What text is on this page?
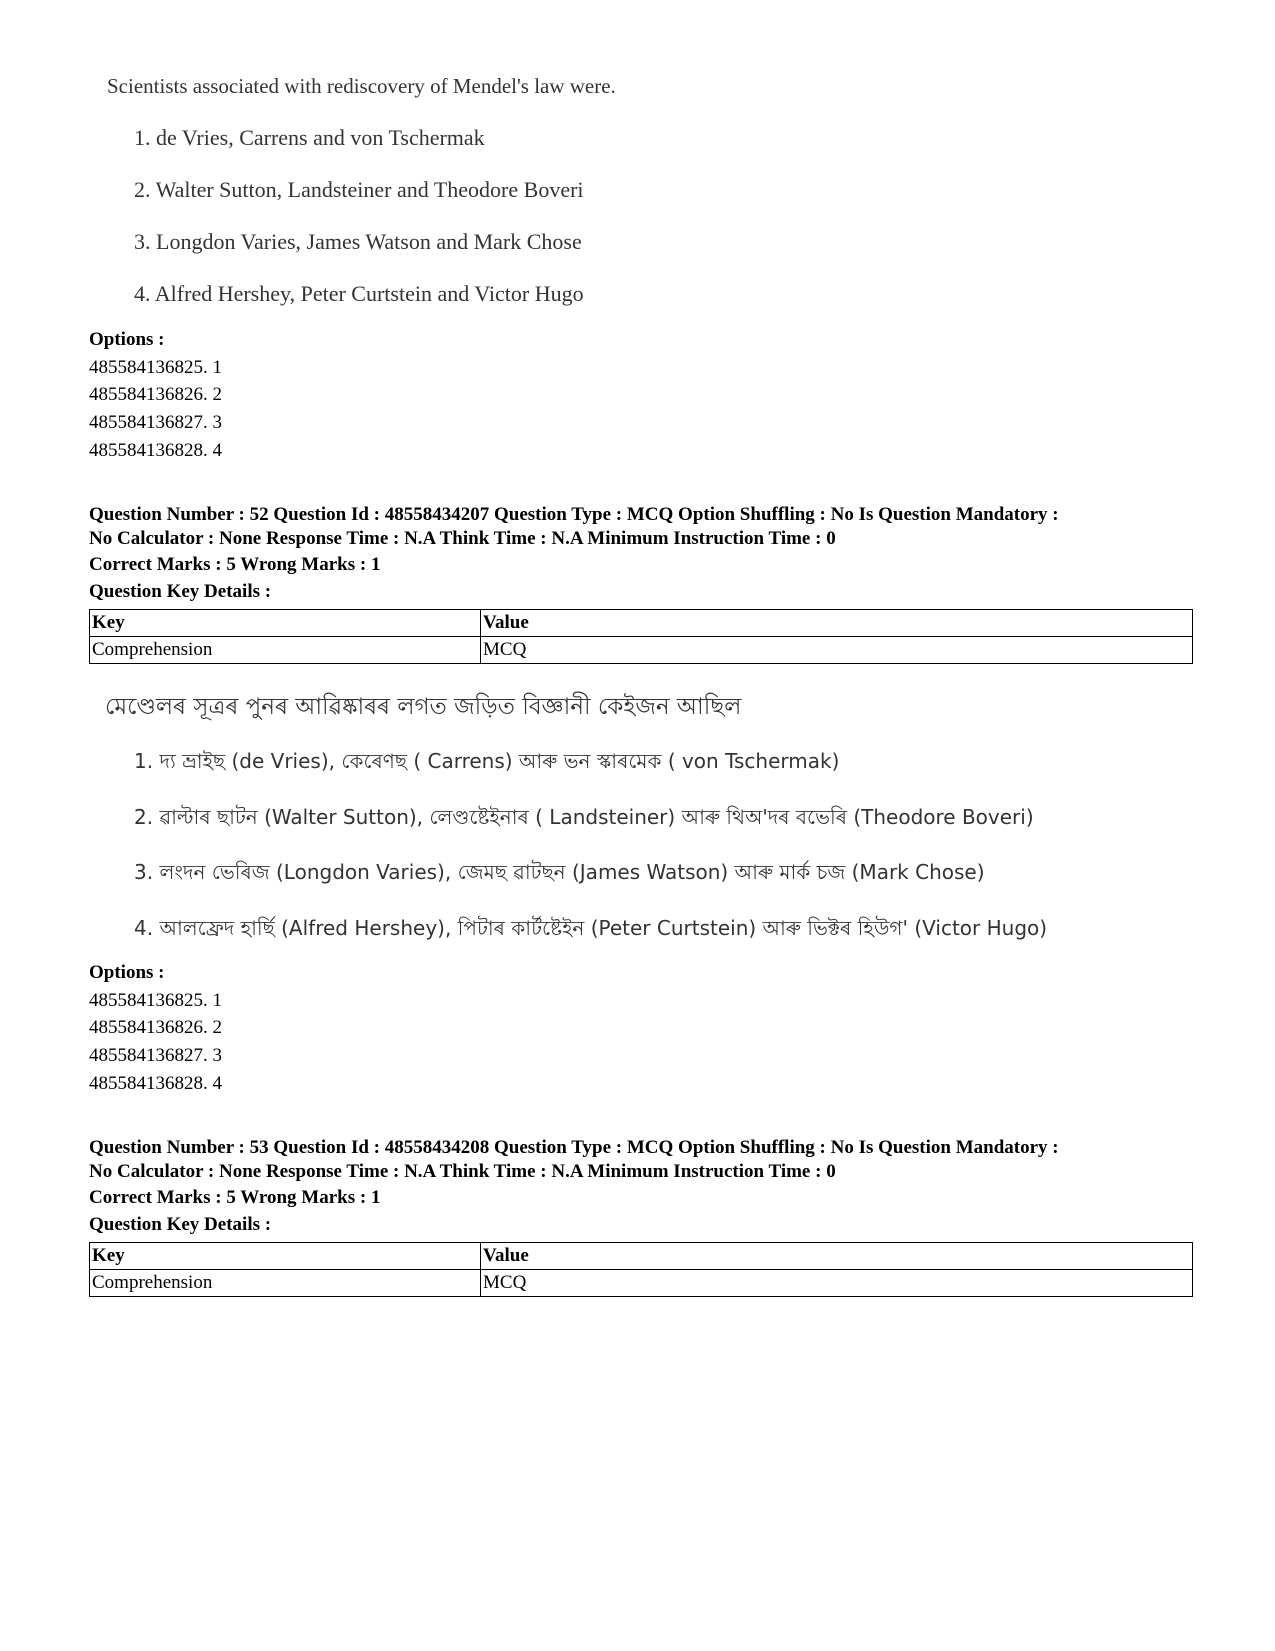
Scientists associated with rediscovery of Mendel's law were.
1. de Vries, Carrens and von Tschermak
2. Walter Sutton, Landsteiner and Theodore Boveri
3. Longdon Varies, James Watson and Mark Chose
4. Alfred Hershey, Peter Curtstein and Victor Hugo
Options :
485584136825. 1
485584136826. 2
485584136827. 3
485584136828. 4
Question Number : 52 Question Id : 48558434207 Question Type : MCQ Option Shuffling : No Is Question Mandatory :
No Calculator : None Response Time : N.A Think Time : N.A Minimum Instruction Time : 0
Correct Marks : 5 Wrong Marks : 1
Question Key Details :
Key	Value
Comprehension	MCQ
মেণ্ডেলৰ সূত্ৰৰ পুনৰ আৱিষ্কাৰৰ লগত জড়িত বিজ্ঞানী কেইজন আছিল
1. দ্য ভ্ৰাইছ (de Vries), কেৰেণছ ( Carrens) আৰু ভন স্কাৰমেক ( von Tschermak)
2. ৱাল্টাৰ ছাটন (Walter Sutton), লেণ্ডষ্টেইনাৰ ( Landsteiner) আৰু থিঅ'দৰ বভেৰি (Theodore Boveri)
3. লংদন ভেৰিজ (Longdon Varies), জেমছ ৱাটছন (James Watson) আৰু মাৰ্ক চজ (Mark Chose)
4. আলফ্ৰেদ হাৰ্ছি (Alfred Hershey), পিটাৰ কাৰ্টষ্টেইন (Peter Curtstein) আৰু ভিক্টৰ হিউগ' (Victor Hugo)
Options :
485584136825. 1
485584136826. 2
485584136827. 3
485584136828. 4
Question Number : 53 Question Id : 48558434208 Question Type : MCQ Option Shuffling : No Is Question Mandatory :
No Calculator : None Response Time : N.A Think Time : N.A Minimum Instruction Time : 0
Correct Marks : 5 Wrong Marks : 1
Question Key Details :
Key	Value
Comprehension	MCQ
